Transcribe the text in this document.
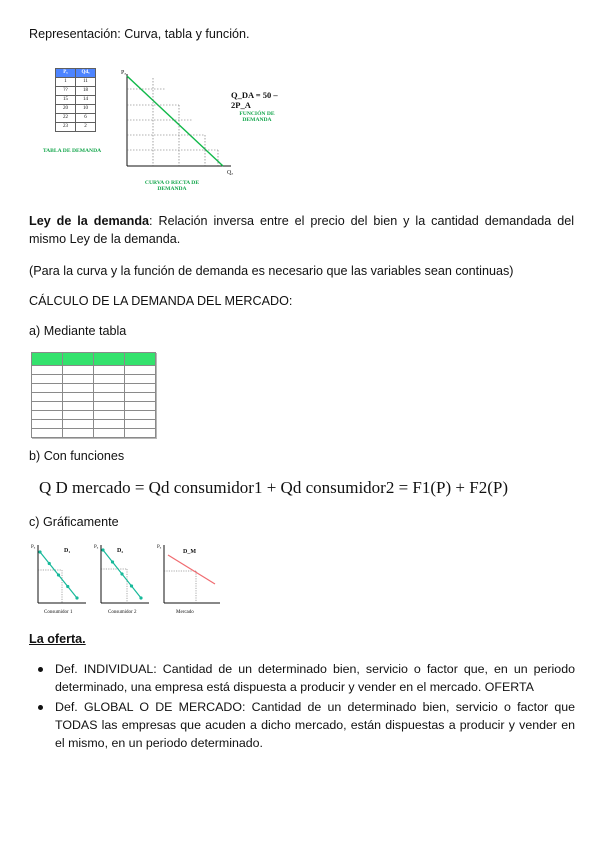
Representación: Curva, tabla y función.
Pₓ	Qdₓ
1	11
??	18
15	14
20	10
22	6
23	2
TABLA DE DEMANDA
Pₓ
Qₓ
Q_DA = 50 – 2P_A
FUNCIÓN DE DEMANDA
CURVA O RECTA DE DEMANDA
Ley de la demanda: Relación inversa entre el precio del bien y la cantidad demandada del mismo Ley de la demanda.
(Para la curva y la función de demanda es necesario que las variables sean continuas)
CÁLCULO DE LA DEMANDA DEL MERCADO:
a) Mediante tabla

b) Con funciones
Q D mercado = Qd consumidor1 + Qd consumidor2 = F1(P) + F2(P)
c) Gráficamente
Pₓ
D₁
Consumidor 1
Pₓ
D₂
Consumidor 2
Pₓ
D_M
Mercado
La oferta.
Def. INDIVIDUAL: Cantidad de un determinado bien, servicio o factor que, en un periodo determinado, una empresa está dispuesta a producir y vender en el mercado. OFERTA
Def. GLOBAL O DE MERCADO: Cantidad de un determinado bien, servicio o factor que TODAS las empresas que acuden a dicho mercado, están dispuestas a producir y vender en el mismo, en un periodo determinado.
